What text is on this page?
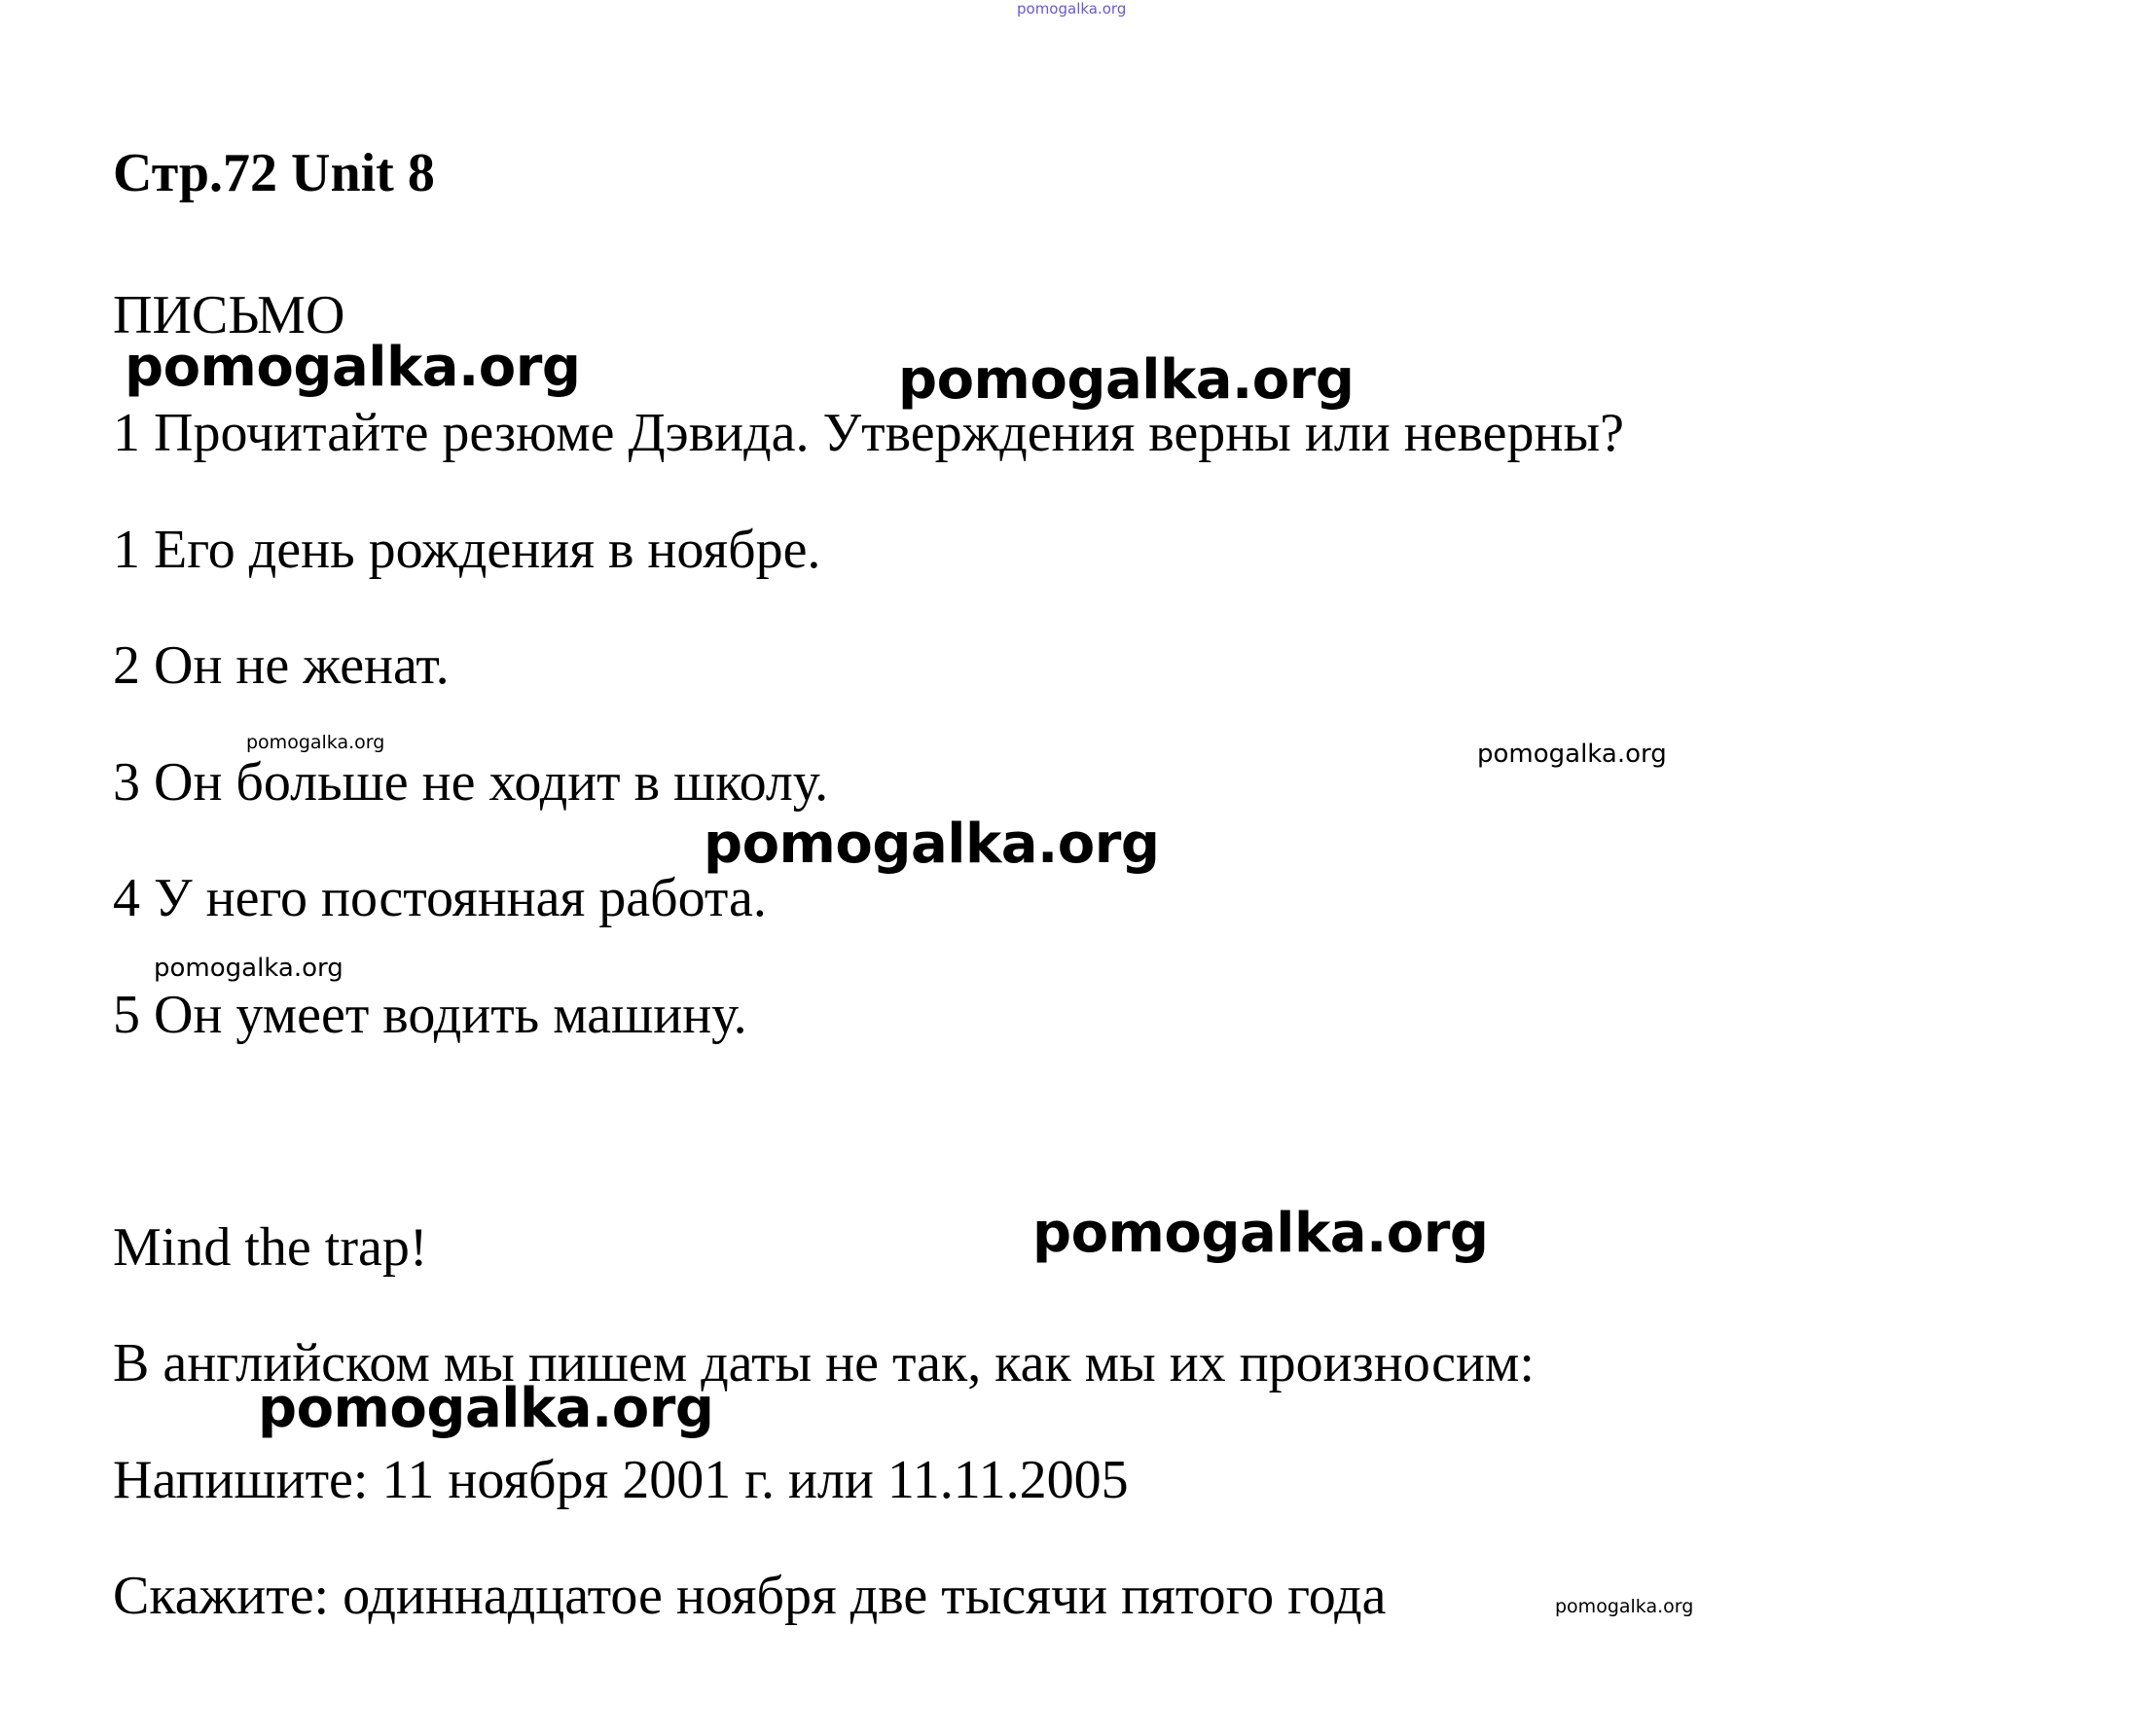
pomogalka.org
Стр.72 Unit 8
ПИСЬМО
1 Прочитайте резюме Дэвида. Утверждения верны или неверны?
1 Его день рождения в ноябре.
2 Он не женат.
3 Он больше не ходит в школу.
4 У него постоянная работа.
5 Он умеет водить машину.
Mind the trap!
В английском мы пишем даты не так, как мы их произносим:
Напишите: 11 ноября 2001 г. или 11.11.2005
Скажите: одиннадцатое ноября две тысячи пятого года
pomogalka.org	pomogalka.org
pomogalka.org	pomogalka.org
pomogalka.org
pomogalka.org
pomogalka.org
pomogalka.org
pomogalka.org
